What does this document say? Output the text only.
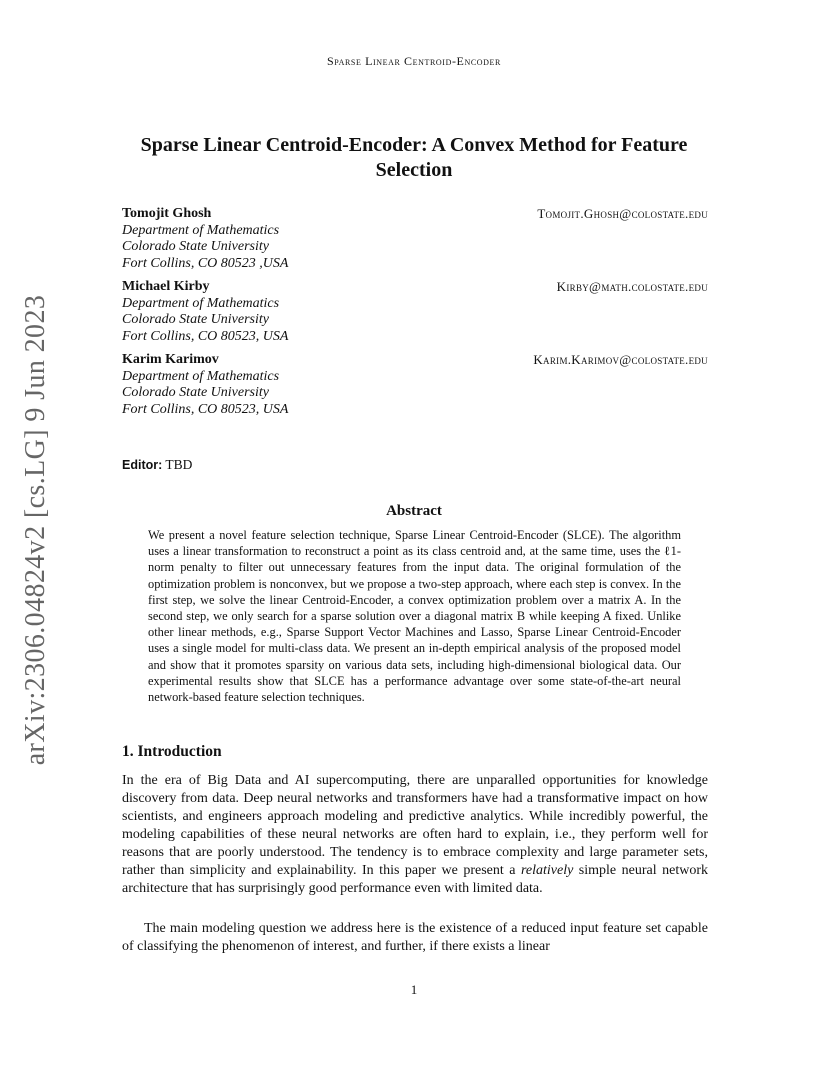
Sparse Linear Centroid-Encoder
arXiv:2306.04824v2 [cs.LG] 9 Jun 2023
Sparse Linear Centroid-Encoder: A Convex Method for Feature Selection
Tomojit Ghosh	Tomojit.Ghosh@colostate.edu
Department of Mathematics
Colorado State University
Fort Collins, CO 80523 ,USA
Michael Kirby	Kirby@math.colostate.edu
Department of Mathematics
Colorado State University
Fort Collins, CO 80523, USA
Karim Karimov	Karim.Karimov@colostate.edu
Department of Mathematics
Colorado State University
Fort Collins, CO 80523, USA
Editor: TBD
Abstract
We present a novel feature selection technique, Sparse Linear Centroid-Encoder (SLCE). The algorithm uses a linear transformation to reconstruct a point as its class centroid and, at the same time, uses the ℓ1-norm penalty to filter out unnecessary features from the input data. The original formulation of the optimization problem is nonconvex, but we propose a two-step approach, where each step is convex. In the first step, we solve the linear Centroid-Encoder, a convex optimization problem over a matrix A. In the second step, we only search for a sparse solution over a diagonal matrix B while keeping A fixed. Unlike other linear methods, e.g., Sparse Support Vector Machines and Lasso, Sparse Linear Centroid-Encoder uses a single model for multi-class data. We present an in-depth empirical analysis of the proposed model and show that it promotes sparsity on various data sets, including high-dimensional biological data. Our experimental results show that SLCE has a performance advantage over some state-of-the-art neural network-based feature selection techniques.
1. Introduction
In the era of Big Data and AI supercomputing, there are unparalled opportunities for knowledge discovery from data. Deep neural networks and transformers have had a transformative impact on how scientists, and engineers approach modeling and predictive analytics. While incredibly powerful, the modeling capabilities of these neural networks are often hard to explain, i.e., they perform well for reasons that are poorly understood. The tendency is to embrace complexity and large parameter sets, rather than simplicity and explainability. In this paper we present a relatively simple neural network architecture that has surprisingly good performance even with limited data.
The main modeling question we address here is the existence of a reduced input feature set capable of classifying the phenomenon of interest, and further, if there exists a linear
1
